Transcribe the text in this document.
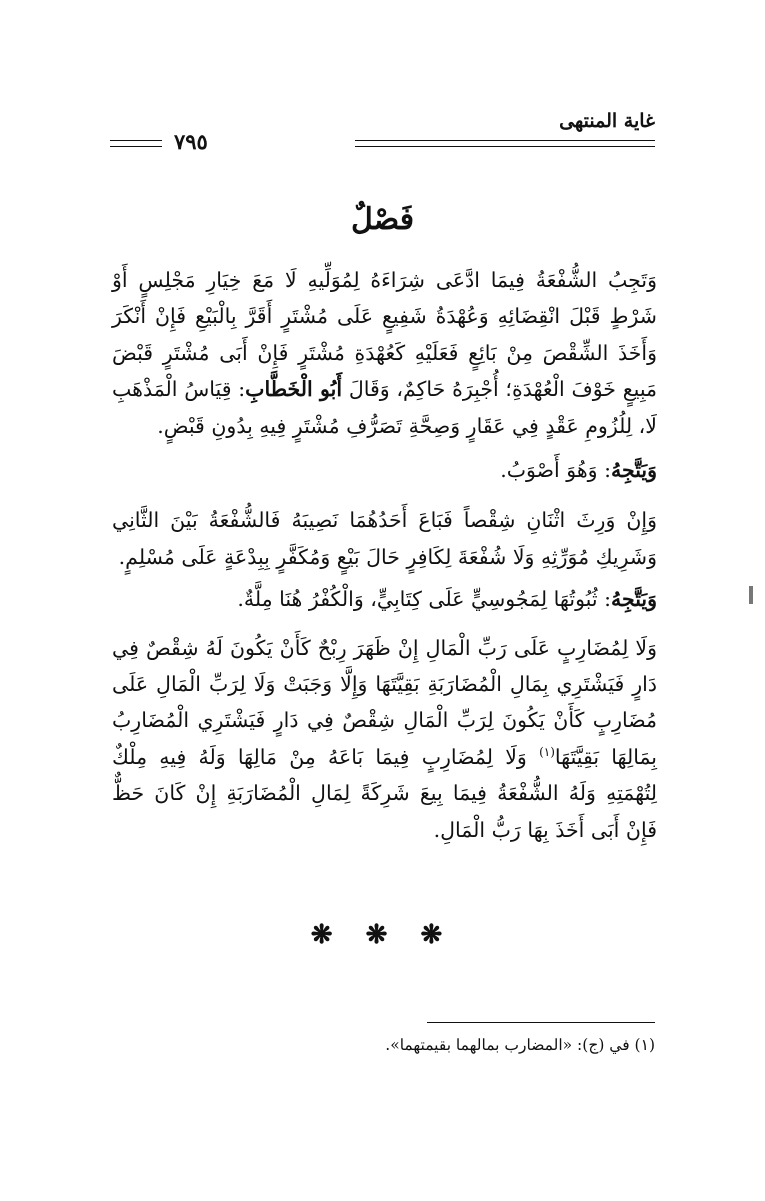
غاية المنتهى
٧٩٥
فَصْلٌ

وَتَجِبُ الشُّفْعَةُ فِيمَا ادَّعَى شِرَاءَهُ لِمُوَلِّيهِ لَا مَعَ خِيَارِ مَجْلِسٍ أَوْ شَرْطٍ قَبْلَ انْقِضَائِهِ وَعُهْدَةُ شَفِيعٍ عَلَى مُشْتَرٍ أَقَرَّ بِالْبَيْعِ فَإِنْ أَنْكَرَ وَأَخَذَ الشِّقْصَ مِنْ بَائِعٍ فَعَلَيْهِ كَعُهْدَةِ مُشْتَرٍ فَإِنْ أَبَى مُشْتَرٍ قَبْضَ مَبِيعٍ خَوْفَ الْعُهْدَةِ؛ أُجْبِرَهُ حَاكِمٌ، وَقَالَ أَبُو الْخَطَّابِ: قِيَاسُ الْمَذْهَبِ لَا، لِلُزُومِ عَقْدٍ فِي عَقَارٍ وَصِحَّةِ تَصَرُّفِ مُشْتَرٍ فِيهِ بِدُونِ قَبْضٍ.

وَيَتَّجِهُ: وَهُوَ أَصْوَبُ.

وَإِنْ وَرِثَ اثْنَانِ شِقْصاً فَبَاعَ أَحَدُهُمَا نَصِيبَهُ فَالشُّفْعَةُ بَيْنَ الثَّانِي وَشَرِيكِ مُوَرِّثِهِ وَلَا شُفْعَةَ لِكَافِرٍ حَالَ بَيْعٍ وَمُكَفَّرٍ بِبِدْعَةٍ عَلَى مُسْلِمٍ.

وَيَتَّجِهُ: ثُبُوتُهَا لِمَجُوسِيٍّ عَلَى كِتَابِيٍّ، وَالْكُفْرُ هُنَا مِلَّةٌ.

وَلَا لِمُضَارِبٍ عَلَى رَبِّ الْمَالِ إِنْ ظَهَرَ رِبْحٌ كَأَنْ يَكُونَ لَهُ شِقْصٌ فِي دَارٍ فَيَشْتَرِي بِمَالِ الْمُضَارَبَةِ بَقِيَّتَهَا وَإِلَّا وَجَبَتْ وَلَا لِرَبِّ الْمَالِ عَلَى مُضَارِبٍ كَأَنْ يَكُونَ لِرَبِّ الْمَالِ شِقْصٌ فِي دَارٍ فَيَشْتَرِي الْمُضَارِبُ بِمَالِهَا بَقِيَّتَهَا$^{(١)}$ وَلَا لِمُضَارِبٍ فِيمَا بَاعَهُ مِنْ مَالِهَا وَلَهُ فِيهِ مِلْكٌ لِتُهْمَتِهِ وَلَهُ الشُّفْعَةُ فِيمَا بِيعَ شَرِكَةً لِمَالِ الْمُضَارَبَةِ إِنْ كَانَ حَظٌّ فَإِنْ أَبَى أَخَذَ بِهَا رَبُّ الْمَالِ.

❋ ❋ ❋
(١) في (ج): «المضارب بمالهما بقيمتهما».
